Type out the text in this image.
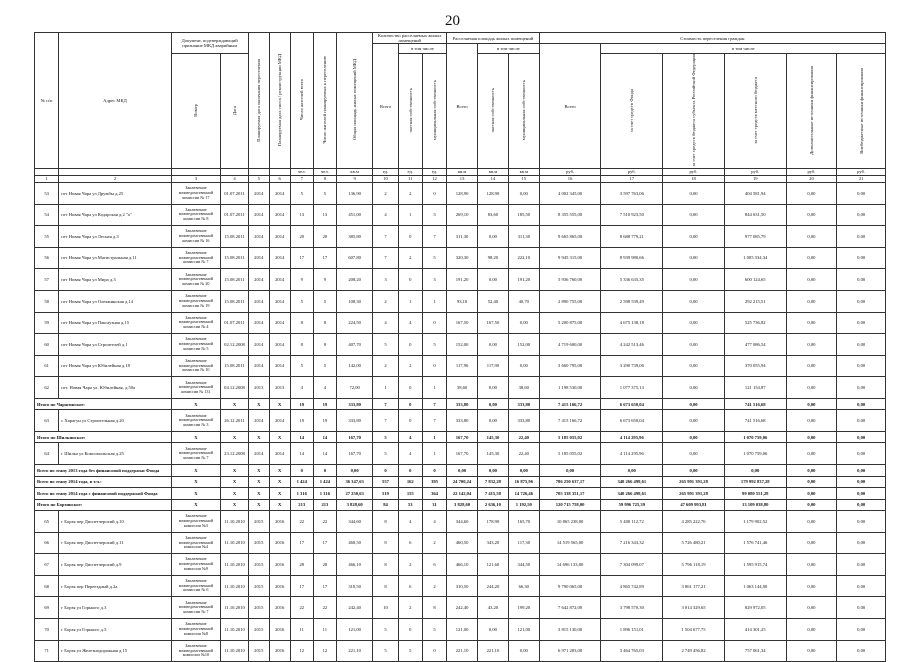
20
№ п/п	Адрес МКД	Документ, подтверждающий признание МКД аварийным		Планируемая дата окончания переселения	Планируемая дата сноса / реконструкции МКД	Число жителей всего	Число жителей планируемых к переселению	Общая площадь жилых помещений МКД	Количество расселяемых жилых помещений			Расселяемая площадь жилых помещений			Стоимость переселения граждан					
									Всего	в том числе		Всего	в том числе		Всего	в том числе				
		Номер	Дата							частная собственность	муниципальная собственность		частная собственность	муниципальная собственность		за счет средств Фонда	за счет средств бюджета субъекта Российской Федерации	за счет средств местного бюджета	Дополнительные источники финансирования	Внебюджетные источники финансирования
						чел.	чел.	кв.м	ед.	ед.	ед.	кв.м	кв.м	кв.м	руб.	руб.	руб.	руб.	руб.	руб.
1	2	3	4	5	6	7	8	9	10	11	12	13	14	15	16	17	18	19	20	21
53	пгт Новая Чара ул Дружбы д.25	Заключение межведомственной комиссии № 17	01.07.2011	2014	2014	5	5	136,90	2	2	0	128,90	128,90	0,00	4 002 345,00	3 597 763,06	0,00	404 581,94	0,00	0,00
54	пгт Новая Чара ул Кодарская д.2 "а"	Заключение межведомственной комиссии № 8	01.07.2011	2014	2014	13	13	451,00	4	1	3	269,10	83,60	185,50	8 355 555,00	7 510 923,50	0,00	844 631,50	0,00	0,00
55	пгт Новая Чара ул Лесная д.3	Заключение межведомственной комиссии № 16	15.08.2011	2014	2014	20	20	385,80	7	0	7	311,30	0,00	311,30	9 665 865,00	8 688 779,21	0,00	977 085,79	0,00	0,00
56	пгт Новая Чара ул Магистральная д.11	Заключение межведомственной комиссии № 7	15.08.2011	2014	2014	17	17	607,80	7	2	5	320,30	98,20	222,10	9 945 315,00	8 939 980,66	0,00	1 005 334,34	0,00	0,00
57	пгт Новая Чара ул Мира д.3	Заключение межведомственной комиссии № 20	15.08.2011	2014	2014	9	9	208,20	3	0	3	191,20	0,00	191,20	5 936 760,00	5 336 635,35	0,00	600 124,65	0,00	0,00
58	пгт Новая Чара ул Олекминская д.14	Заключение межведомственной комиссии № 19	15.08.2011	2014	2014	5	5	108,30	2	1	1	93,10	52,40	40,70	2 890 755,00	2 598 539,49	0,00	292 215,51	0,00	0,00
59	пгт Новая Чара ул Пакгаузная д.15	Заключение межведомственной комиссии № 4	01.07.2011	2014	2014	8	8	224,50	4	4	0	167,50	167,50	0,00	5 200 875,00	4 675 138,18	0,00	525 736,82	0,00	0,00
60	пгт Новая Чара ул Строителей д.1	Заключение межведомственной комиссии № 5	02.12.2008	2014	2014	8	8	407,70	5	0	5	152,00	0,00	152,00	4 719 600,00	4 242 513,46	0,00	477 086,54	0,00	0,00
61	пгт Новая Чара ул Юбилейная д.18	Заключение межведомственной комиссии № 10	15.08.2011	2014	2014	5	5	142,00	2	2	0	117,90	117,90	0,00	3 660 795,00	3 290 739,06	0,00	370 055,94	0,00	0,00
62	пгт. Новая Чара ул. Юбилейная, д.50а	Заключение межведомственной комиссии № 131	04.12.2008	2013	2013	4	4	72,00	1	0	1	38,60	0,00	38,60	1 198 530,00	1 077 375,13	0,00	121 154,87	0,00	0,00
Итого по Чарагинское:		X	X	X	X	19	19	333,80	7	0	7	333,80	0,00	333,80	7 415 166,72	6 673 650,04	0,00	741 516,68	0,00	0,00
63	с Харагун ул Строительная д.20	Заключение межведомственной комиссии № 3	26.12.2011	2014	2014	19	19	333,80	7	0	7	333,80	0,00	333,80	7 415 166,72	6 673 650,04	0,00	741 516,68	0,00	0,00
Итого по Шилкинское:		X	X	X	X	14	14	167,70	5	4	1	167,70	145,30	22,40	5 185 055,02	4 114 295,96	0,00	1 070 759,06	0,00	0,00
64	г Шилка ул Комсомольская д.25	Заключение межведомственной комиссии № 7	23.12.2008	2014	2014	14	14	167,70	5	4	1	167,70	145,30	22,40	5 185 055,02	4 114 295,96	0,00	1 070 759,06	0,00	0,00
Всего по этапу 2013 года без финансовой поддержки Фонда		X	X	X	X	0	0	0,00	0	0	0	0,00	0,00	0,00	0,00	0,00	0,00	0,00	0,00	0,00
Всего по этапу 2014 года, в т.ч.:		X	X	X	X	1 424	1 424	36 347,63	557	162	395	24 700,24	7 832,28	16 875,96	786 250 637,17	340 266 498,61	265 991 391,28	179 992 837,28	0,00	0,00
Всего по этапу 2014 года с финансовой поддержкой Фонда		X	X	X	X	1 316	1 316	27 250,63	519	155	364	22 142,04	7 415,58	14 726,46	705 338 351,17	340 266 498,61	265 991 391,28	99 080 551,28	0,00	0,00
Итого по Борзинское:		X	X	X	X	213	213	3 828,60	84	53	31	3 828,60	2 636,10	1 192,50	120 715 758,00	59 996 725,39	47 609 993,81	13 109 038,80	0,00	0,00
65	г Борзя пер Диспетчерский д.10	Заключение межведомственной комиссии №3	11.10.2010	2015	2016	22	22	344,60	8	4	4	344,60	178,90	165,70	10 865 238,00	5 400 112,72	4 285 222,76	1 179 902,52	0,00	0,00
66	г Борзя пер Диспетчерский д.11	Заключение межведомственной комиссии №4	11.10.2010	2015	2016	17	17	460,50	8	6	2	460,50	343,20	117,30	14 519 565,00	7 216 343,32	5 726 480,21	1 576 741,46	0,00	0,00
67	г Борзя пер Диспетчерский д.9	Заключение межведомственной комиссии №9	11.10.2010	2015	2016	28	28	466,10	8	2	6	466,10	121,60	344,50	14 696 133,00	7 304 099,07	5 796 118,19	1 595 915,74	0,00	0,00
68	г Борзя пер Переездный д.2а	Заключение межведомственной комиссии № 6	11.10.2010	2015	2016	17	17	310,50	8	6	2	310,50	244,20	66,30	9 790 065,00	4 865 742,89	3 861 177,21	1 063 144,90	0,00	0,00
69	г Борзя ул Горького д.3	Заключение межведомственной комиссии № 7	11.10.2010	2015	2016	22	22	242,40	10	2	8	242,40	43,20	199,20	7 642 872,00	3 798 570,30	3 014 329,65	829 972,05	0,00	0,00
70	г Борзя ул Горького д.5	Заключение межведомственной комиссии №8	11.10.2010	2015	2016	11	11	121,00	5	0	5	121,00	0,00	121,00	3 815 130,00	1 896 151,01	1 504 677,75	414 301,25	0,00	0,00
71	г Борзя ул Железнодорожная д.15	Заключение межведомственной комиссии №10	11.10.2010	2015	2016	12	12	221,10	5	5	0	221,10	221,10	0,00	6 971 283,00	3 464 765,03	2 749 456,82	757 061,34	0,00	0,00
